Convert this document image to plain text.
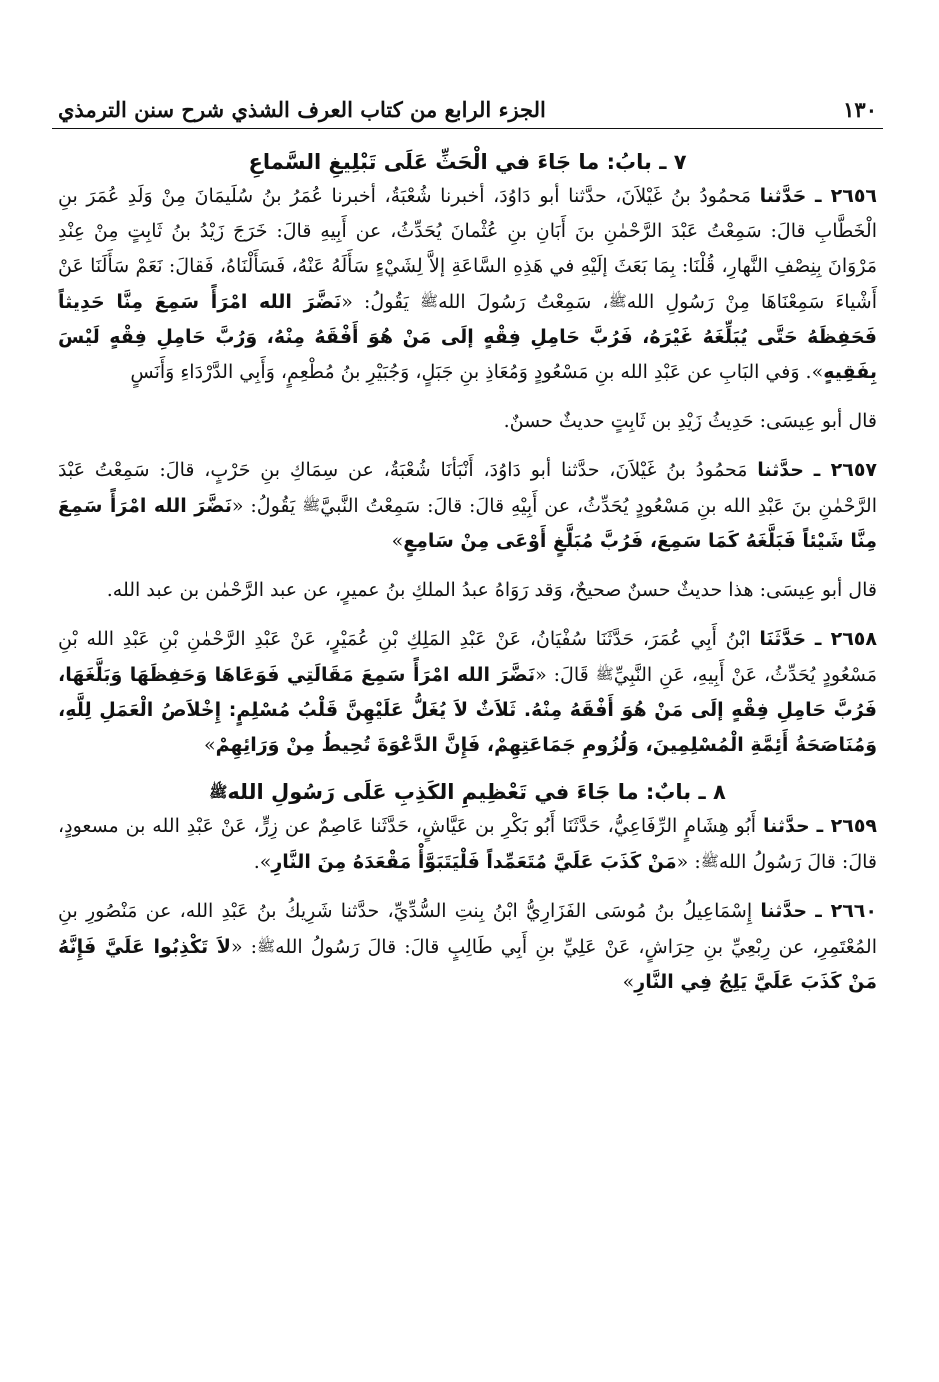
١٣٠
الجزء الرابع من كتاب العرف الشذي شرح سنن الترمذي
٧ ـ بابُ: ما جَاءَ في الْحَثِّ عَلَى تَبْلِيغِ السَّماعِ

٢٦٥٦ ـ حَدَّثنا مَحمُودُ بنُ غَيْلاَنَ، حدَّثنا أبو دَاوُدَ، أخبرنا شُعْبَةُ، أخبرنا عُمَرُ بنُ سُلَيمَانَ مِنْ وَلَدِ عُمَرَ بنِ الْخَطَّابِ قالَ: سَمِعْتُ عَبْدَ الرَّحْمٰنِ بنَ أَبَانِ بنِ عُثْمانَ يُحَدِّثُ، عن أَبِيهِ قالَ: خَرَجَ زَيْدُ بنُ ثَابِتٍ مِنْ عِنْدِ مَرْوَانَ بِنِصْفِ النَّهارِ، قُلْنَا: بِمَا بَعَثَ إلَيْهِ في هَذِهِ السَّاعَةِ إلاَّ لِشَيْءٍ سَأَلَهُ عَنْهُ، فَسَأَلْنَاهُ، فَقالَ: نَعَمْ سَأَلَنَا عَنْ أَشْياءَ سَمِعْنَاهَا مِنْ رَسُولِ اللهﷺ، سَمِعْتُ رَسُولَ اللهﷺ يَقُولُ: «نَضَّرَ الله امْرَأً سَمِعَ مِنَّا حَدِيثاً فَحَفِظَهُ حَتَّى يُبَلِّغَهُ غَيْرَهُ، فَرُبَّ حَامِلِ فِقْهٍ إلَى مَنْ هُوَ أَفْقَهُ مِنْهُ، وَرُبَّ حَامِلِ فِقْهٍ لَيْسَ بِفَقِيهٍ». وَفي البَابِ عن عَبْدِ الله بنِ مَسْعُودٍ وَمُعَاذِ بنِ جَبَلٍ، وَجُبَيْرِ بنُ مُطْعِمٍ، وَأَبِي الدَّرْدَاءِ وَأَنَسٍ

قال أبو عِيسَى: حَدِيثُ زَيْدِ بن ثَابِتٍ حديثٌ حسنٌ.

٢٦٥٧ ـ حدَّثنا مَحمُودُ بنُ غَيْلاَنَ، حدَّثنا أبو دَاوُدَ، أَنْبَأنَا شُعْبَةُ، عن سِمَاكِ بنِ حَرْبٍ، قالَ: سَمِعْتُ عَبْدَ الرَّحْمٰنِ بنَ عَبْدِ الله بنِ مَسْعُودٍ يُحَدِّثُ، عن أَبِيْهِ قالَ: قالَ: سَمِعْتُ النَّبيَّﷺ يَقُولُ: «نَضَّرَ الله امْرَأً سَمِعَ مِنَّا شَيْئاً فَبَلَّغَهُ كَمَا سَمِعَ، فَرُبَّ مُبَلَّغٍ أَوْعَى مِنْ سَامِعٍ»

قال أبو عِيسَى: هذا حديثٌ حسنٌ صحيحٌ، وَقد رَوَاهُ عبدُ الملكِ بنُ عميرٍ، عن عبد الرَّحْمٰن بن عبد الله.

٢٦٥٨ ـ حَدَّثَنَا ابْنُ أَبِي عُمَرَ، حَدَّثَنَا سُفْيَانُ، عَنْ عَبْدِ المَلِكِ بْنِ عُمَيْرٍ، عَنْ عَبْدِ الرَّحْمٰنِ بْنِ عَبْدِ الله بْنِ مَسْعُودٍ يُحَدِّثُ، عَنْ أَبِيهِ، عَنِ النَّبِيِّﷺ قَالَ: «نَضَّرَ الله امْرَأً سَمِعَ مَقَالَتِي فَوَعَاهَا وَحَفِظَهَا وَبَلَّغَهَا، فَرُبَّ حَامِلِ فِقْهٍ إلَى مَنْ هُوَ أَفْقَهُ مِنْهُ. ثَلاَثٌ لاَ يُغَلُّ عَلَيْهِنَّ قَلْبُ مُسْلِمٍ: إِخْلاَصُ الْعَمَلِ لِلَّهِ، وَمُنَاصَحَةُ أَئِمَّةِ الْمُسْلِمِينَ، وَلُزُومِ جَمَاعَتِهِمْ، فَإِنَّ الدَّعْوَةَ تُحِيطُ مِنْ وَرَائِهِمْ»

٨ ـ بابٌ: ما جَاءَ في تَعْظِيمِ الكَذِبِ عَلَى رَسُولِ اللهﷺ

٢٦٥٩ ـ حدَّثنا أَبُو هِشَامٍ الرِّفَاعِيُّ، حَدَّثَنَا أَبُو بَكْرِ بن عَيَّاشٍ، حَدَّثَنا عَاصِمٌ عن زِرٍّ، عَنْ عَبْدِ الله بن مسعودٍ، قالَ: قالَ رَسُولُ اللهﷺ: «مَنْ كَذَبَ عَلَيَّ مُتَعَمِّداً فَلْيَتَبَوَّأْ مَقْعَدَهُ مِنَ النَّارِ».

٢٦٦٠ ـ حدَّثنا إِسْمَاعِيلُ بنُ مُوسَى الفَزَارِيُّ ابْنُ بِنتِ السُّدِّيِّ، حدَّثنا شَرِيكُ بنُ عَبْدِ الله، عن مَنْصُورِ بنِ المُعْتَمِرِ، عن رِبْعِيِّ بنِ حِرَاشٍ، عَنْ عَلِيِّ بنِ أَبِي طَالِبٍ قالَ: قالَ رَسُولُ اللهﷺ: «لاَ تَكْذِبُوا عَلَيَّ فَإِنَّهُ مَنْ كَذَبَ عَلَيَّ يَلِجُ فِي النَّارِ»
